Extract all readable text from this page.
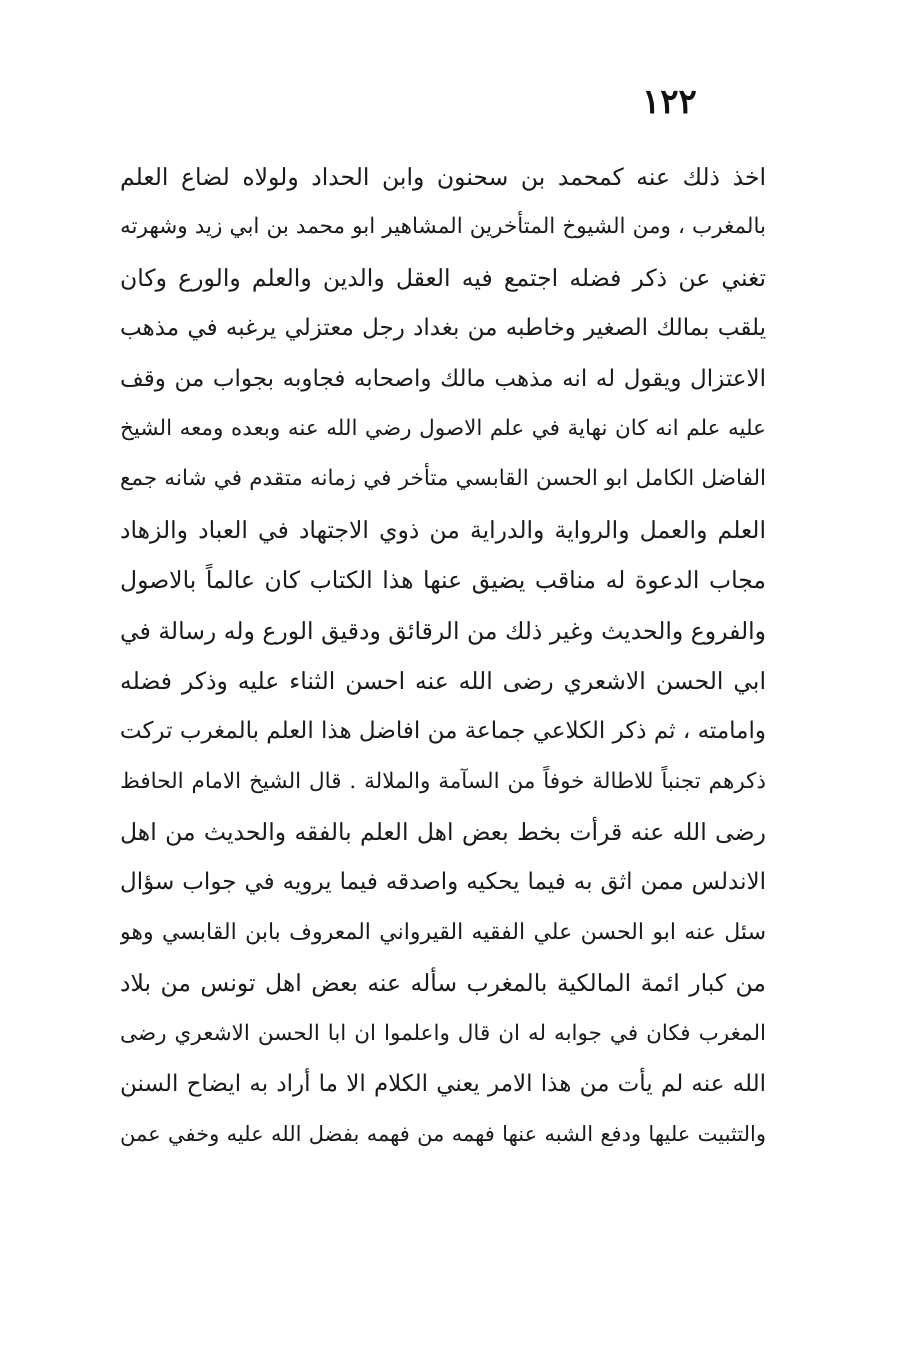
١٢٢
اخذ ذلك عنه كمحمد بن سحنون وابن الحداد ولولاه لضاع العلم
بالمغرب ، ومن الشيوخ المتأخرين المشاهير ابو محمد بن ابي زيد وشهرته
تغني عن ذكر فضله اجتمع فيه العقل والدين والعلم والورع وكان
يلقب بمالك الصغير وخاطبه من بغداد رجل معتزلي يرغبه في مذهب
الاعتزال ويقول له انه مذهب مالك واصحابه فجاوبه بجواب من وقف
عليه علم انه كان نهاية في علم الاصول رضي الله عنه وبعده ومعه الشيخ
الفاضل الكامل ابو الحسن القابسي متأخر في زمانه متقدم في شانه جمع
العلم والعمل والرواية والدراية من ذوي الاجتهاد في العباد والزهاد
مجاب الدعوة له مناقب يضيق عنها هذا الكتاب كان عالماً بالاصول
والفروع والحديث وغير ذلك من الرقائق ودقيق الورع وله رسالة في
ابي الحسن الاشعري رضى الله عنه احسن الثناء عليه وذكر فضله
وامامته ، ثم ذكر الكلاعي جماعة من افاضل هذا العلم بالمغرب تركت
ذكرهم تجنباً للاطالة خوفاً من السآمة والملالة . قال الشيخ الامام الحافظ
رضى الله عنه قرأت بخط بعض اهل العلم بالفقه والحديث من اهل
الاندلس ممن اثق به فيما يحكيه واصدقه فيما يرويه في جواب سؤال
سئل عنه ابو الحسن علي الفقيه القيرواني المعروف بابن القابسي وهو
من كبار ائمة المالكية بالمغرب سأله عنه بعض اهل تونس من بلاد
المغرب فكان في جوابه له ان قال واعلموا ان ابا الحسن الاشعري رضى
الله عنه لم يأت من هذا الامر يعني الكلام الا ما أراد به ايضاح السنن
والتثبيت عليها ودفع الشبه عنها فهمه من فهمه بفضل الله عليه وخفي عمن
